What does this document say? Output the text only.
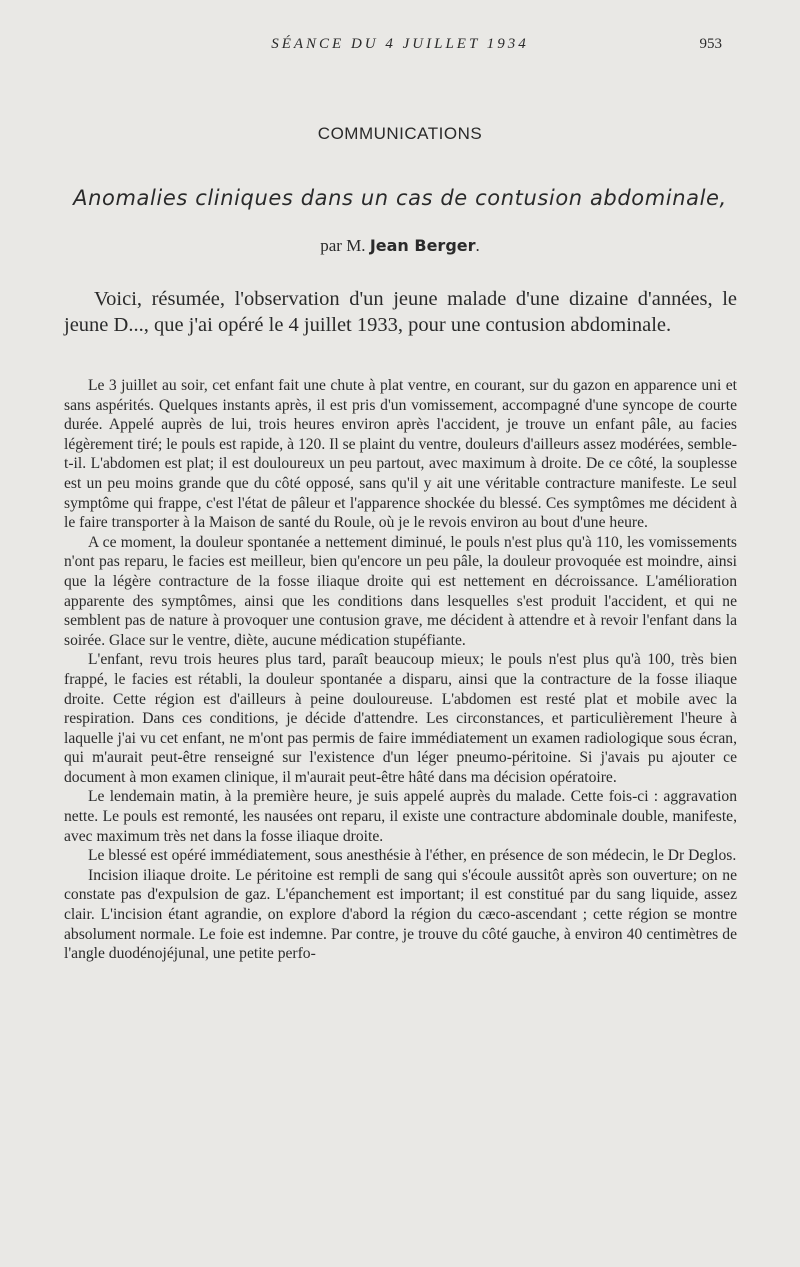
SÉANCE DU 4 JUILLET 1934	953
COMMUNICATIONS
Anomalies cliniques dans un cas de contusion abdominale,
par M. Jean Berger.

Voici, résumée, l'observation d'un jeune malade d'une dizaine d'années, le jeune D..., que j'ai opéré le 4 juillet 1933, pour une contusion abdominale.

Le 3 juillet au soir, cet enfant fait une chute à plat ventre, en courant, sur du gazon en apparence uni et sans aspérités. Quelques instants après, il est pris d'un vomissement, accompagné d'une syncope de courte durée. Appelé auprès de lui, trois heures environ après l'accident, je trouve un enfant pâle, au facies légèrement tiré; le pouls est rapide, à 120. Il se plaint du ventre, douleurs d'ailleurs assez modérées, semble-t-il. L'abdomen est plat; il est douloureux un peu partout, avec maximum à droite. De ce côté, la souplesse est un peu moins grande que du côté opposé, sans qu'il y ait une véritable contracture manifeste. Le seul symptôme qui frappe, c'est l'état de pâleur et l'apparence shockée du blessé. Ces symptômes me décident à le faire transporter à la Maison de santé du Roule, où je le revois environ au bout d'une heure.

A ce moment, la douleur spontanée a nettement diminué, le pouls n'est plus qu'à 110, les vomissements n'ont pas reparu, le facies est meilleur, bien qu'encore un peu pâle, la douleur provoquée est moindre, ainsi que la légère contracture de la fosse iliaque droite qui est nettement en décroissance. L'amélioration apparente des symptômes, ainsi que les conditions dans lesquelles s'est produit l'accident, et qui ne semblent pas de nature à provoquer une contusion grave, me décident à attendre et à revoir l'enfant dans la soirée. Glace sur le ventre, diète, aucune médication stupéfiante.

L'enfant, revu trois heures plus tard, paraît beaucoup mieux; le pouls n'est plus qu'à 100, très bien frappé, le facies est rétabli, la douleur spontanée a disparu, ainsi que la contracture de la fosse iliaque droite. Cette région est d'ailleurs à peine douloureuse. L'abdomen est resté plat et mobile avec la respiration. Dans ces conditions, je décide d'attendre. Les circonstances, et particulièrement l'heure à laquelle j'ai vu cet enfant, ne m'ont pas permis de faire immédiatement un examen radiologique sous écran, qui m'aurait peut-être renseigné sur l'existence d'un léger pneumo-péritoine. Si j'avais pu ajouter ce document à mon examen clinique, il m'aurait peut-être hâté dans ma décision opératoire.

Le lendemain matin, à la première heure, je suis appelé auprès du malade. Cette fois-ci : aggravation nette. Le pouls est remonté, les nausées ont reparu, il existe une contracture abdominale double, manifeste, avec maximum très net dans la fosse iliaque droite.

Le blessé est opéré immédiatement, sous anesthésie à l'éther, en présence de son médecin, le Dr Deglos.

Incision iliaque droite. Le péritoine est rempli de sang qui s'écoule aussitôt après son ouverture; on ne constate pas d'expulsion de gaz. L'épanchement est important; il est constitué par du sang liquide, assez clair. L'incision étant agrandie, on explore d'abord la région du cæco-ascendant ; cette région se montre absolument normale. Le foie est indemne. Par contre, je trouve du côté gauche, à environ 40 centimètres de l'angle duodénojéjunal, une petite perfo-
